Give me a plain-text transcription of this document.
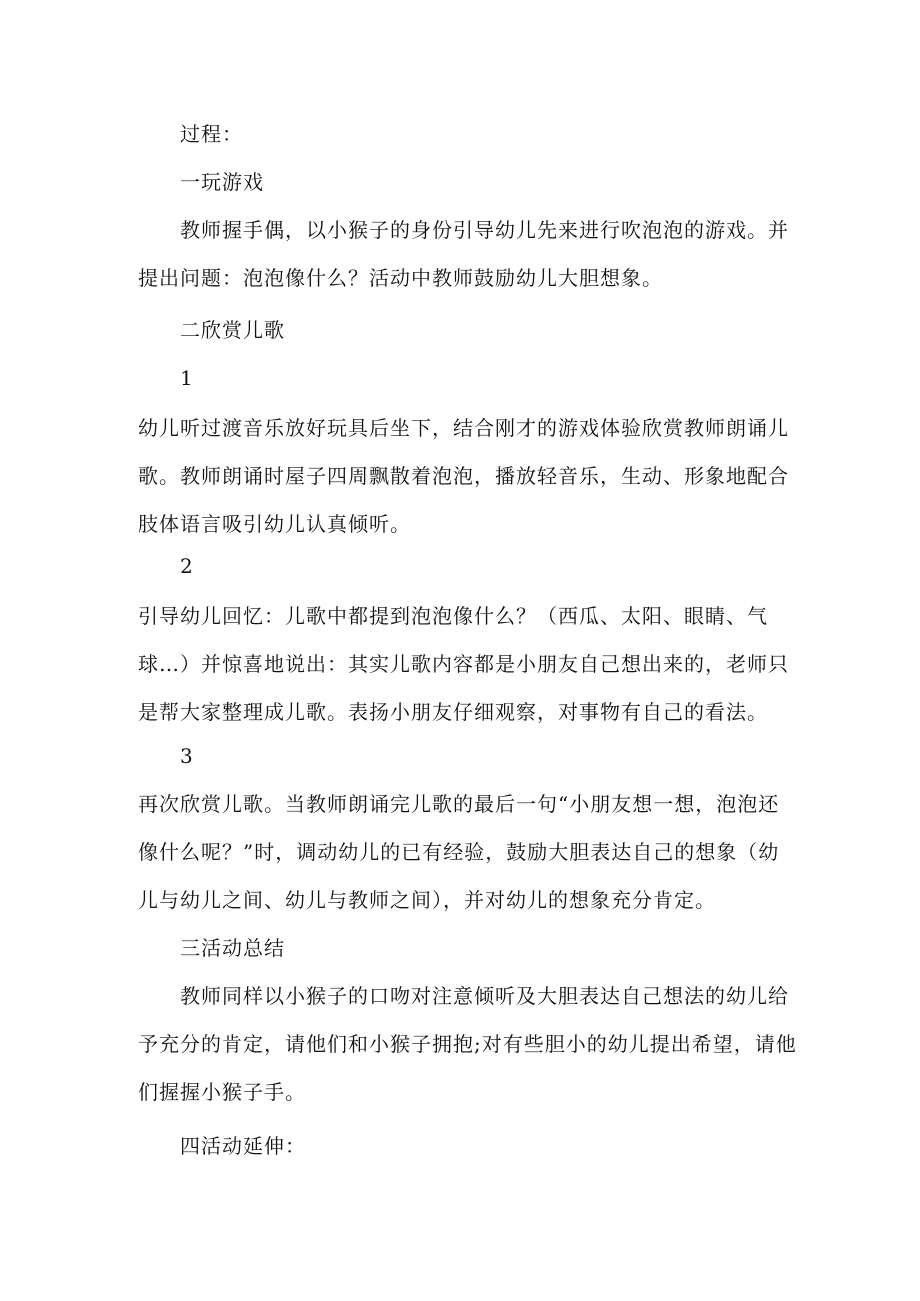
过程：

一玩游戏

教师握手偶，以小猴子的身份引导幼儿先来进行吹泡泡的游戏。并提出问题：泡泡像什么？活动中教师鼓励幼儿大胆想象。

二欣赏儿歌

1

幼儿听过渡音乐放好玩具后坐下，结合刚才的游戏体验欣赏教师朗诵儿歌。教师朗诵时屋子四周飘散着泡泡，播放轻音乐，生动、形象地配合肢体语言吸引幼儿认真倾听。

2

引导幼儿回忆：儿歌中都提到泡泡像什么？（西瓜、太阳、眼睛、气球…）并惊喜地说出：其实儿歌内容都是小朋友自己想出来的，老师只是帮大家整理成儿歌。表扬小朋友仔细观察，对事物有自己的看法。

3

再次欣赏儿歌。当教师朗诵完儿歌的最后一句“小朋友想一想，泡泡还像什么呢？”时，调动幼儿的已有经验，鼓励大胆表达自己的想象（幼儿与幼儿之间、幼儿与教师之间），并对幼儿的想象充分肯定。

三活动总结

教师同样以小猴子的口吻对注意倾听及大胆表达自己想法的幼儿给予充分的肯定，请他们和小猴子拥抱;对有些胆小的幼儿提出希望，请他们握握小猴子手。

四活动延伸：
